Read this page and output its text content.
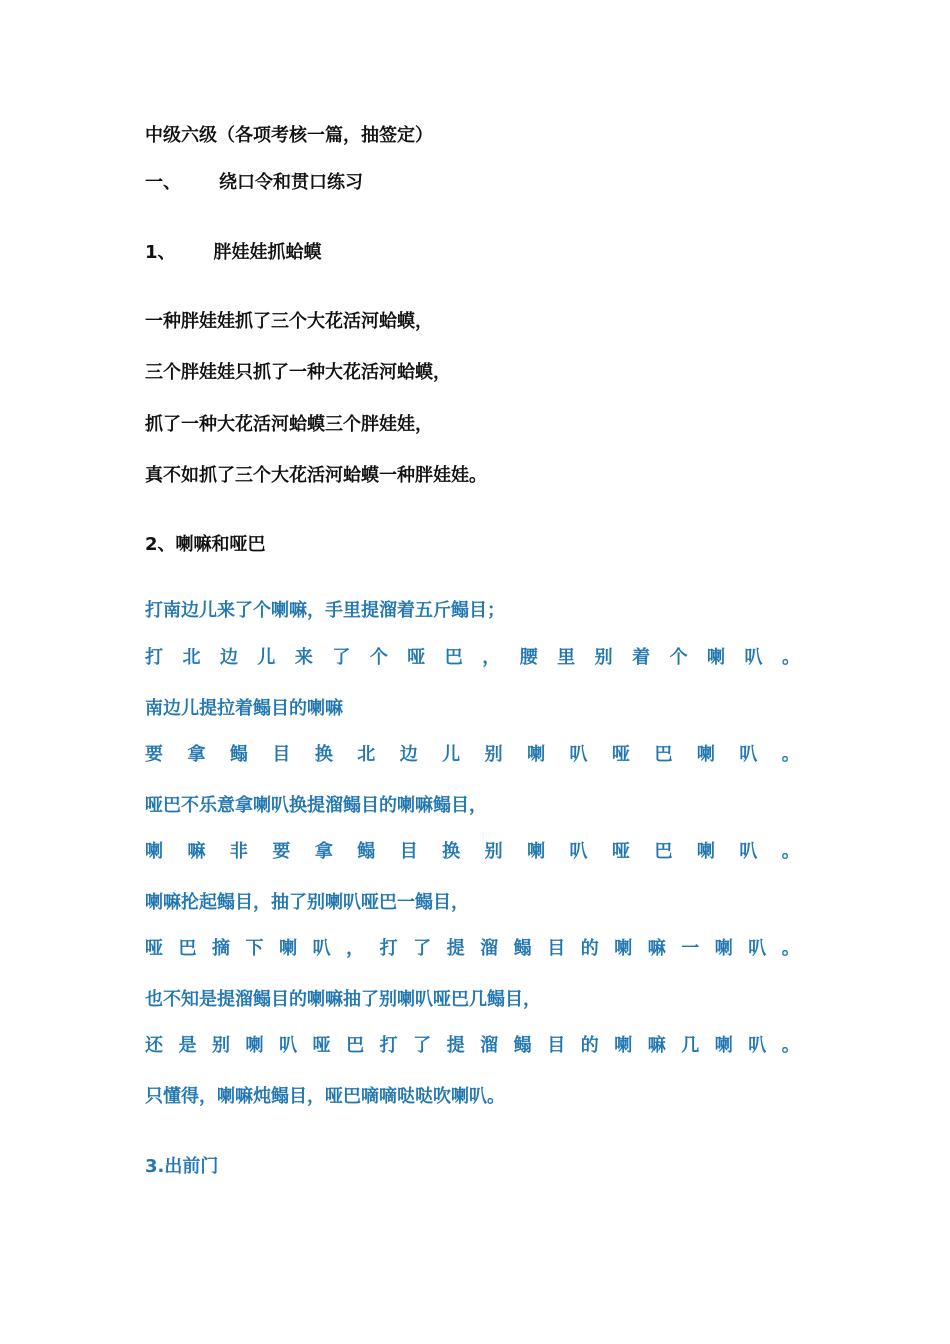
中级六级（各项考核一篇，抽签定）
一、 绕口令和贯口练习
1、 胖娃娃抓蛤蟆
一种胖娃娃抓了三个大花活河蛤蟆，
三个胖娃娃只抓了一种大花活河蛤蟆，
抓了一种大花活河蛤蟆三个胖娃娃，
真不如抓了三个大花活河蛤蟆一种胖娃娃。
2、喇嘛和哑巴
打南边儿来了个喇嘛，手里提溜着五斤鳎目；
打 北 边 儿 来 了 个 哑 巴 ， 腰 里 别 着 个 喇 叭 。
南边儿提拉着鳎目的喇嘛
要 拿 鳎 目 换 北 边 儿 别 喇 叭 哑 巴 喇 叭 。
哑巴不乐意拿喇叭换提溜鳎目的喇嘛鳎目，
喇 嘛 非 要 拿 鳎 目 换 别 喇 叭 哑 巴 喇 叭 。
喇嘛抡起鳎目，抽了别喇叭哑巴一鳎目，
哑 巴 摘 下 喇 叭 ， 打 了 提 溜 鳎 目 的 喇 嘛 一 喇 叭 。
也不知是提溜鳎目的喇嘛抽了别喇叭哑巴几鳎目，
还 是 别 喇 叭 哑 巴 打 了 提 溜 鳎 目 的 喇 嘛 几 喇 叭 。
只懂得，喇嘛炖鳎目，哑巴嘀嘀哒哒吹喇叭。
3.出前门
